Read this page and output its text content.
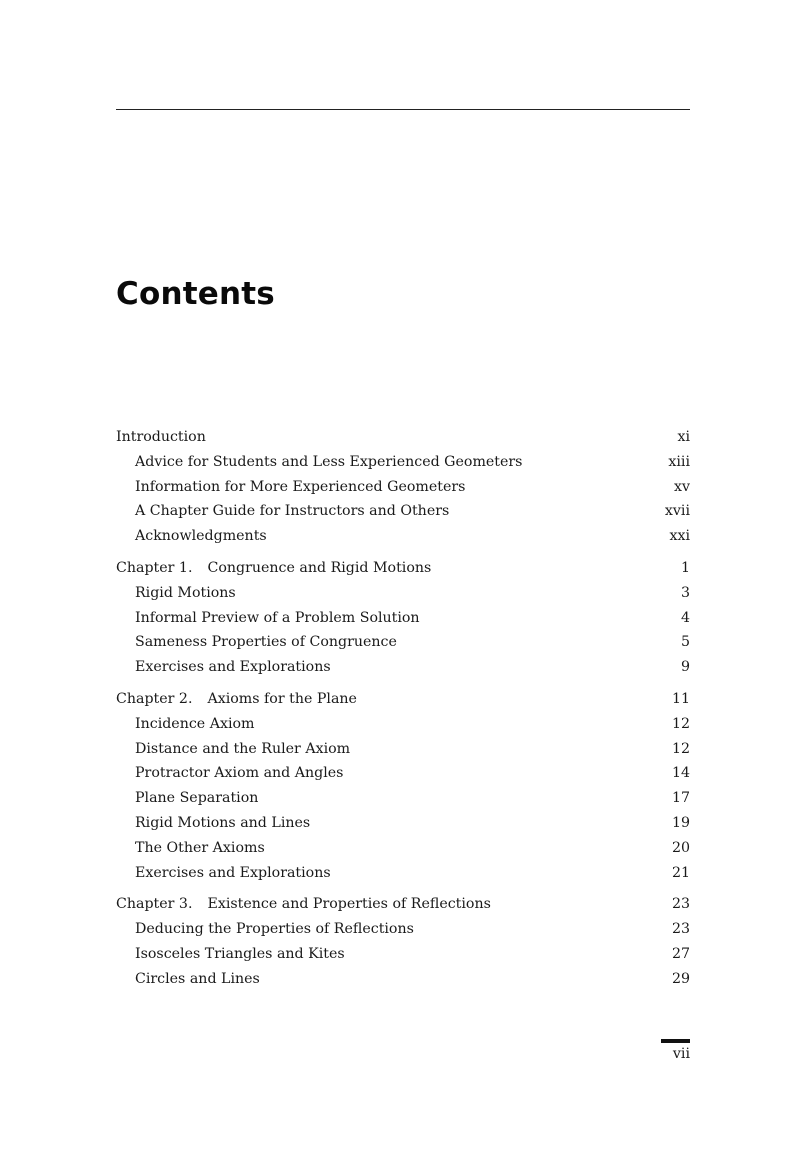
Contents
Introduction	xi
Advice for Students and Less Experienced Geometers	xiii
Information for More Experienced Geometers	xv
A Chapter Guide for Instructors and Others	xvii
Acknowledgments	xxi
Chapter 1. Congruence and Rigid Motions	1
Rigid Motions	3
Informal Preview of a Problem Solution	4
Sameness Properties of Congruence	5
Exercises and Explorations	9
Chapter 2. Axioms for the Plane	11
Incidence Axiom	12
Distance and the Ruler Axiom	12
Protractor Axiom and Angles	14
Plane Separation	17
Rigid Motions and Lines	19
The Other Axioms	20
Exercises and Explorations	21
Chapter 3. Existence and Properties of Reflections	23
Deducing the Properties of Reflections	23
Isosceles Triangles and Kites	27
Circles and Lines	29
vii
